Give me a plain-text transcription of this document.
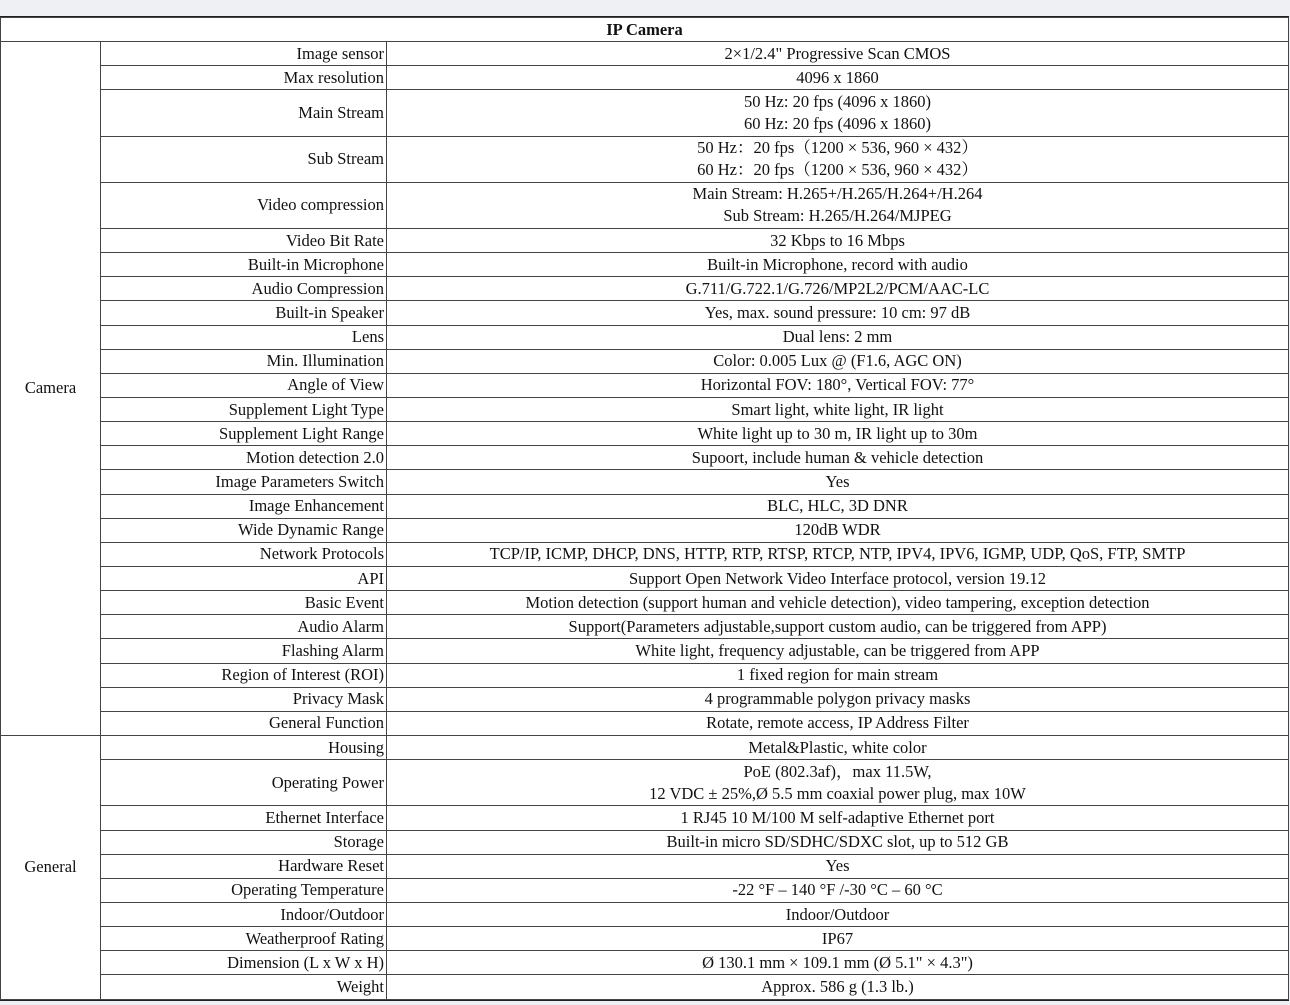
IP Camera		
Camera	Image sensor	2×1/2.4" Progressive Scan CMOS

	Max resolution	4096 x 1860

	Main Stream	50 Hz: 20 fps (4096 x 1860)
60 Hz: 20 fps (4096 x 1860)

	Sub Stream	50 Hz：20 fps（1200 × 536, 960 × 432）
60 Hz：20 fps（1200 × 536, 960 × 432）

	Video compression	Main Stream: H.265+/H.265/H.264+/H.264
Sub Stream: H.265/H.264/MJPEG

	Video Bit Rate	32 Kbps to 16 Mbps

	Built-in Microphone	Built-in Microphone, record with audio

	Audio Compression	G.711/G.722.1/G.726/MP2L2/PCM/AAC-LC

	Built-in Speaker	Yes, max. sound pressure: 10 cm: 97 dB

	Lens	Dual lens: 2 mm

	Min. Illumination	Color: 0.005 Lux @ (F1.6, AGC ON)

	Angle of View	Horizontal FOV: 180°, Vertical FOV: 77°

	Supplement Light Type	Smart light, white light, IR light

	Supplement Light Range	White light up to 30 m, IR light up to 30m

	Motion detection 2.0	Supoort, include human & vehicle detection

	Image Parameters Switch	Yes

	Image Enhancement	BLC, HLC, 3D DNR

	Wide Dynamic Range	120dB WDR

	Network Protocols	TCP/IP, ICMP, DHCP, DNS, HTTP, RTP, RTSP, RTCP, NTP, IPV4, IPV6, IGMP, UDP, QoS, FTP, SMTP

	API	Support Open Network Video Interface protocol, version 19.12

	Basic Event	Motion detection (support human and vehicle detection), video tampering, exception detection

	Audio Alarm	Support(Parameters adjustable,support custom audio, can be triggered from APP)

	Flashing Alarm	White light, frequency adjustable, can be triggered from APP

	Region of Interest (ROI)	1 fixed region for main stream

	Privacy Mask	4 programmable polygon privacy masks

	General Function	Rotate, remote access, IP Address Filter

General	Housing	Metal&Plastic, white color

	Operating Power	PoE (802.3af)，max 11.5W,
12 VDC ± 25%,Ø 5.5 mm coaxial power plug, max 10W

	Ethernet Interface	1 RJ45 10 M/100 M self-adaptive Ethernet port

	Storage	Built-in micro SD/SDHC/SDXC slot, up to 512 GB

	Hardware Reset	Yes

	Operating Temperature	-22 °F – 140 °F /-30 °C – 60 °C

	Indoor/Outdoor	Indoor/Outdoor

	Weatherproof Rating	IP67

	Dimension (L x W x H)	Ø 130.1 mm × 109.1 mm (Ø 5.1" × 4.3")

	Weight	Approx. 586 g (1.3 lb.)
